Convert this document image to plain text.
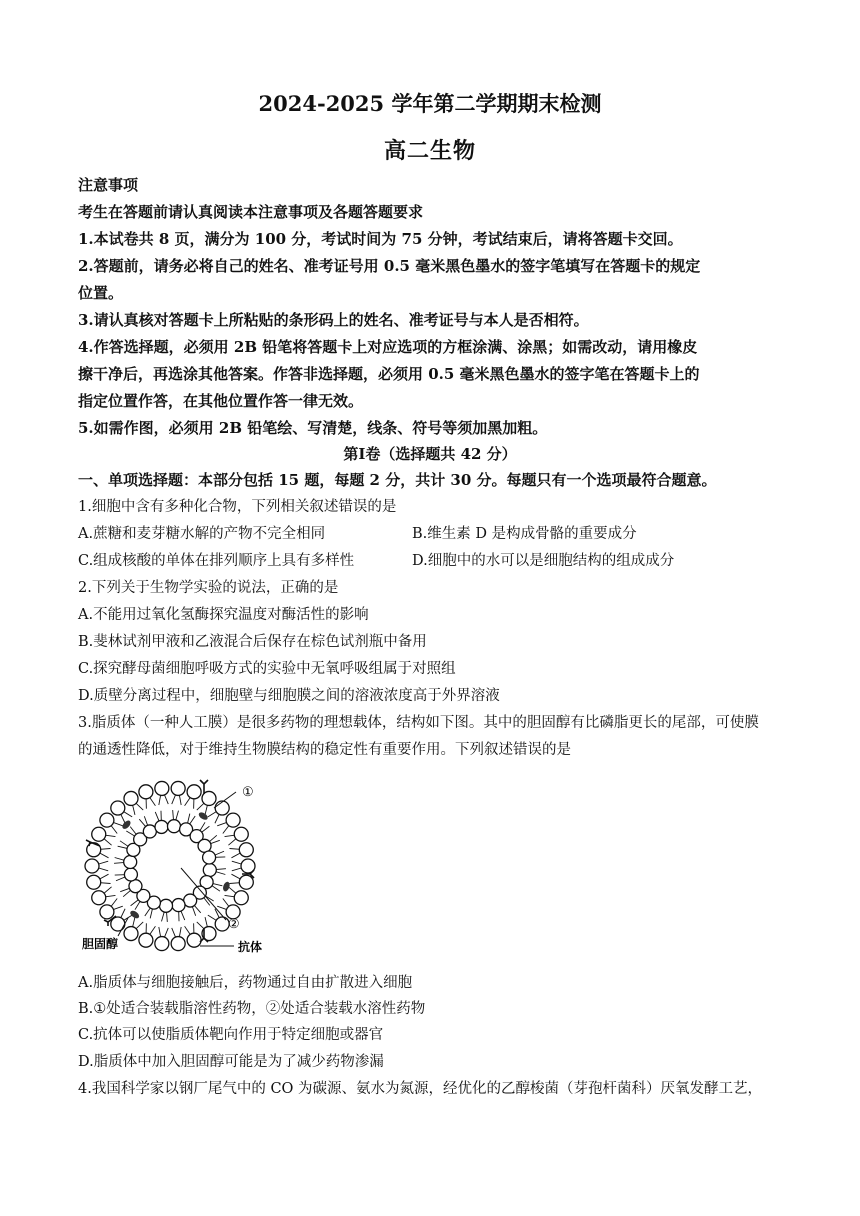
2024-2025 学年第二学期期末检测
高二生物
注意事项
考生在答题前请认真阅读本注意事项及各题答题要求
1.本试卷共 8 页，满分为 100 分，考试时间为 75 分钟，考试结束后，请将答题卡交回。
2.答题前，请务必将自己的姓名、准考证号用 0.5 毫米黑色墨水的签字笔填写在答题卡的规定
位置。
3.请认真核对答题卡上所粘贴的条形码上的姓名、准考证号与本人是否相符。
4.作答选择题，必须用 2B 铅笔将答题卡上对应选项的方框涂满、涂黑；如需改动，请用橡皮
擦干净后，再选涂其他答案。作答非选择题，必须用 0.5 毫米黑色墨水的签字笔在答题卡上的
指定位置作答，在其他位置作答一律无效。
5.如需作图，必须用 2B 铅笔绘、写清楚，线条、符号等须加黑加粗。
第Ⅰ卷（选择题共 42 分）
一、单项选择题：本部分包括 15 题，每题 2 分，共计 30 分。每题只有一个选项最符合题意。
1.细胞中含有多种化合物，下列相关叙述错误的是
A.蔗糖和麦芽糖水解的产物不完全相同	B.维生素 D 是构成骨骼的重要成分
C.组成核酸的单体在排列顺序上具有多样性	D.细胞中的水可以是细胞结构的组成成分
2.下列关于生物学实验的说法，正确的是
A.不能用过氧化氢酶探究温度对酶活性的影响
B.斐林试剂甲液和乙液混合后保存在棕色试剂瓶中备用
C.探究酵母菌细胞呼吸方式的实验中无氧呼吸组属于对照组
D.质壁分离过程中，细胞壁与细胞膜之间的溶液浓度高于外界溶液
3.脂质体（一种人工膜）是很多药物的理想载体，结构如下图。其中的胆固醇有比磷脂更长的尾部，可使膜
的通透性降低，对于维持生物膜结构的稳定性有重要作用。下列叙述错误的是
①
②
胆固醇	抗体
A.脂质体与细胞接触后，药物通过自由扩散进入细胞
B.①处适合装载脂溶性药物，②处适合装载水溶性药物
C.抗体可以使脂质体靶向作用于特定细胞或器官
D.脂质体中加入胆固醇可能是为了减少药物渗漏
4.我国科学家以钢厂尾气中的 CO 为碳源、氨水为氮源，经优化的乙醇梭菌（芽孢杆菌科）厌氧发酵工艺，
